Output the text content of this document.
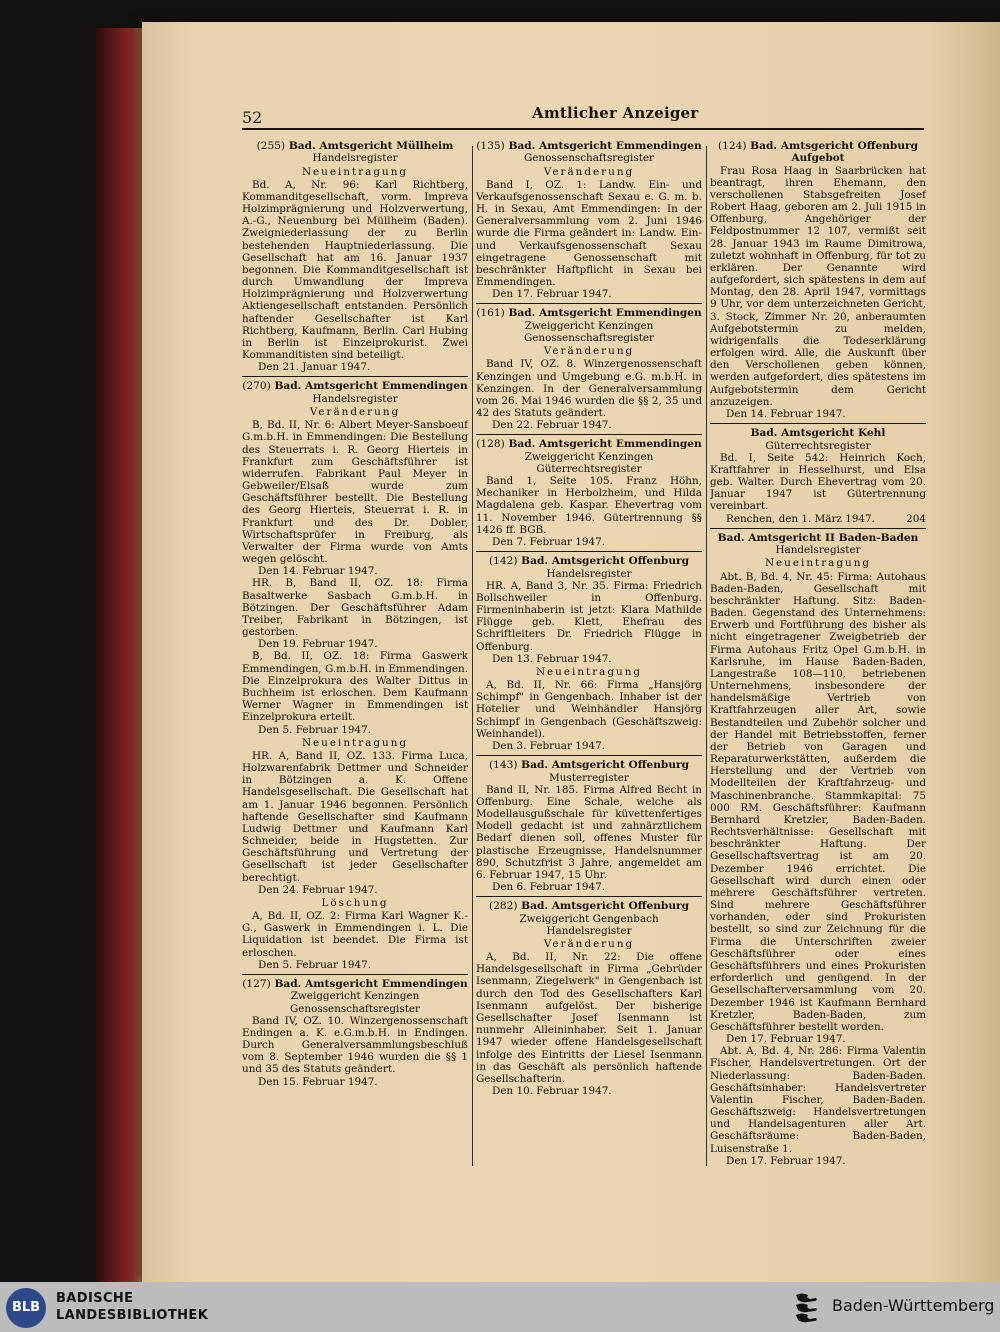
52	Amtlicher Anzeiger
(255) Bad. Amtsgericht Müllheim
Handelsregister
Neueintragung

Bd. A, Nr. 96: Karl Richtberg, Kommanditgesellschaft, vorm. Impreva Holzimprägnierung und Holzverwertung, A.-G., Neuenburg bei Müllheim (Baden). Zweigniederlassung der zu Berlin bestehenden Hauptniederlassung. Die Gesellschaft hat am 16. Januar 1937 begonnen. Die Kommanditgesellschaft ist durch Umwandlung der Impreva Holzimprägnierung und Holzverwertung Aktiengesellschaft entstanden. Persönlich haftender Gesellschafter ist Karl Richtberg, Kaufmann, Berlin. Carl Hubing in Berlin ist Einzelprokurist. Zwei Kommanditisten sind beteiligt.

Den 21. Januar 1947.
(270) Bad. Amtsgericht Emmendingen
Handelsregister
Veränderung

B, Bd. II, Nr. 6: Albert Meyer-Sansboeuf G.m.b.H. in Emmendingen: Die Bestellung des Steuerrats i. R. Georg Hierteis in Frankfurt zum Geschäftsführer ist widerrufen. Fabrikant Paul Meyer in Gebweiler/Elsaß wurde zum Geschäftsführer bestellt. Die Bestellung des Georg Hierteis, Steuerrat i. R. in Frankfurt und des Dr. Dobler, Wirtschaftsprüfer in Freiburg, als Verwalter der Firma wurde von Amts wegen gelöscht.

Den 14. Februar 1947.

HR. B, Band II, OZ. 18: Firma Basaltwerke Sasbach G.m.b.H. in Bötzingen. Der Geschäftsführer Adam Treiber, Fabrikant in Bötzingen, ist gestorben.

Den 19. Februar 1947.

B, Bd. II, OZ. 18: Firma Gaswerk Emmendingen, G.m.b.H. in Emmendingen. Die Einzelprokura des Walter Dittus in Buchheim ist erloschen. Dem Kaufmann Werner Wagner in Emmendingen ist Einzelprokura erteilt.

Den 5. Februar 1947.
Neueintragung

HR. A, Band II, OZ. 133. Firma Luca, Holzwarenfabrik Dettmer und Schneider in Bötzingen a. K. Offene Handelsgesellschaft. Die Gesellschaft hat am 1. Januar 1946 begonnen. Persönlich haftende Gesellschafter sind Kaufmann Ludwig Dettmer und Kaufmann Karl Schneider, beide in Hugstetten. Zur Geschäftsführung und Vertretung der Gesellschaft ist jeder Gesellschafter berechtigt.

Den 24. Februar 1947.
Löschung

A, Bd. II, OZ. 2: Firma Karl Wagner K.-G., Gaswerk in Emmendingen i. L. Die Liquidation ist beendet. Die Firma ist erloschen.

Den 5. Februar 1947.
(127) Bad. Amtsgericht Emmendingen
Zweiggericht Kenzingen
Genossenschaftsregister

Band IV, OZ. 10. Winzergenossenschaft Endingen a. K. e.G.m.b.H. in Endingen. Durch Generalversammlungsbeschluß vom 8. September 1946 wurden die §§ 1 und 35 des Statuts geändert.

Den 15. Februar 1947.
(135) Bad. Amtsgericht Emmendingen
Genossenschaftsregister
Veränderung

Band I, OZ. 1: Landw. Ein- und Verkaufsgenossenschaft Sexau e. G. m. b. H. in Sexau, Amt Emmendingen: In der Generalversammlung vom 2. Juni 1946 wurde die Firma geändert in: Landw. Ein- und Verkaufsgenossenschaft Sexau eingetragene Genossenschaft mit beschränkter Haftpflicht in Sexau bei Emmendingen.

Den 17. Februar 1947.
(161) Bad. Amtsgericht Emmendingen
Zweiggericht Kenzingen
Genossenschaftsregister
Veränderung

Band IV, OZ. 8. Winzergenossenschaft Kenzingen und Umgebung e.G. m.b.H. in Kenzingen. In der Generalversammlung vom 26. Mai 1946 wurden die §§ 2, 35 und 42 des Statuts geändert.

Den 22. Februar 1947.
(128) Bad. Amtsgericht Emmendingen
Zweiggericht Kenzingen
Güterrechtsregister

Band 1, Seite 105. Franz Höhn, Mechaniker in Herbolzheim, und Hilda Magdalena geb. Kaspar. Ehevertrag vom 11. November 1946. Gütertrennung §§ 1426 ff. BGB.

Den 7. Februar 1947.
(142) Bad. Amtsgericht Offenburg
Handelsregister

HR. A, Band 3, Nr. 35. Firma: Friedrich Bollschweiler in Offenburg. Firmeninhaberin ist jetzt: Klara Mathilde Flügge geb. Klett, Ehefrau des Schriftleiters Dr. Friedrich Flügge in Offenburg.

Den 13. Februar 1947.
Neueintragung

A, Bd. II, Nr. 66: Firma „Hansjörg Schimpf" in Gengenbach. Inhaber ist der Hotelier und Weinhändler Hansjörg Schimpf in Gengenbach (Geschäftszweig: Weinhandel).

Den 3. Februar 1947.
(143) Bad. Amtsgericht Offenburg
Musterregister

Band II, Nr. 185. Firma Alfred Becht in Offenburg. Eine Schale, welche als Modellausgußschale für küvettenfertiges Modell gedacht ist und zahnärztlichem Bedarf dienen soll, offenes Muster für plastische Erzeugnisse, Handelsnummer 890, Schutzfrist 3 Jahre, angemeldet am 6. Februar 1947, 15 Uhr.

Den 6. Februar 1947.
(282) Bad. Amtsgericht Offenburg
Zweiggericht Gengenbach
Handelsregister
Veränderung

A, Bd. II, Nr. 22: Die offene Handelsgesellschaft in Firma „Gebrüder Isenmann, Ziegelwerk" in Gengenbach ist durch den Tod des Gesellschafters Karl Isenmann aufgelöst. Der bisherige Gesellschafter Josef Isenmann ist nunmehr Alleininhaber. Seit 1. Januar 1947 wieder offene Handelsgesellschaft infolge des Eintritts der Liesel Isenmann in das Geschäft als persönlich haftende Gesellschafterin.

Den 10. Februar 1947.
(124) Bad. Amtsgericht Offenburg
Aufgebot

Frau Rosa Haag in Saarbrücken hat beantragt, ihren Ehemann, den verschollenen Stabsgefreiten Josef Robert Haag, geboren am 2. Juli 1915 in Offenburg, Angehöriger der Feldpostnummer 12 107, vermißt seit 28. Januar 1943 im Raume Dimitrowa, zuletzt wohnhaft in Offenburg, für tot zu erklären. Der Genannte wird aufgefordert, sich spätestens in dem auf Montag, den 28. April 1947, vormittags 9 Uhr, vor dem unterzeichneten Gericht, 3. Stock, Zimmer Nr. 20, anberaumten Aufgebotstermin zu melden, widrigenfalls die Todeserklärung erfolgen wird. Alle, die Auskunft über den Verschollenen geben können, werden aufgefordert, dies spätestens im Aufgebotstermin dem Gericht anzuzeigen.

Den 14. Februar 1947.
Bad. Amtsgericht Kehl
Güterrechtsregister

Bd. I, Seite 542: Heinrich Koch, Kraftfahrer in Hesselhurst, und Elsa geb. Walter. Durch Ehevertrag vom 20. Januar 1947 ist Gütertrennung vereinbart.

Renchen, den 1. März 1947.	204
Bad. Amtsgericht II Baden-Baden
Handelsregister
Neueintragung

Abt. B, Bd. 4, Nr. 45: Firma: Autohaus Baden-Baden, Gesellschaft mit beschränkter Haftung. Sitz: Baden-Baden. Gegenstand des Unternehmens: Erwerb und Fortführung des bisher als nicht eingetragener Zweigbetrieb der Firma Autohaus Fritz Opel G.m.b.H. in Karlsruhe, im Hause Baden-Baden, Langestraße 108—110, betriebenen Unternehmens, insbesondere der handelsmäßige Vertrieb von Kraftfahrzeugen aller Art, sowie Bestandteilen und Zubehör solcher und der Handel mit Betriebsstoffen, ferner der Betrieb von Garagen und Reparaturwerkstätten, außerdem die Herstellung und der Vertrieb von Modellteilen der Kraftfahrzeug- und Maschinenbranche. Stammkapital: 75 000 RM. Geschäftsführer: Kaufmann Bernhard Kretzler, Baden-Baden. Rechtsverhältnisse: Gesellschaft mit beschränkter Haftung. Der Gesellschaftsvertrag ist am 20. Dezember 1946 errichtet. Die Gesellschaft wird durch einen oder mehrere Geschäftsführer vertreten. Sind mehrere Geschäftsführer vorhanden, oder sind Prokuristen bestellt, so sind zur Zeichnung für die Firma die Unterschriften zweier Geschäftsführer oder eines Geschäftsführers und eines Prokuristen erforderlich und genügend. In der Gesellschafterversammlung vom 20. Dezember 1946 ist Kaufmann Bernhard Kretzler, Baden-Baden, zum Geschäftsführer bestellt worden.

Den 17. Februar 1947.

Abt. A, Bd. 4, Nr. 286: Firma Valentin Fischer, Handelsvertretungen. Ort der Niederlassung: Baden-Baden. Geschäftsinhaber: Handelsvertreter Valentin Fischer, Baden-Baden. Geschäftszweig: Handelsvertretungen und Handelsagenturen aller Art. Geschäftsräume: Baden-Baden, Luisenstraße 1.

Den 17. Februar 1947.
BLB
BADISCHE
LANDESBIBLIOTHEK
Baden-Württemberg
